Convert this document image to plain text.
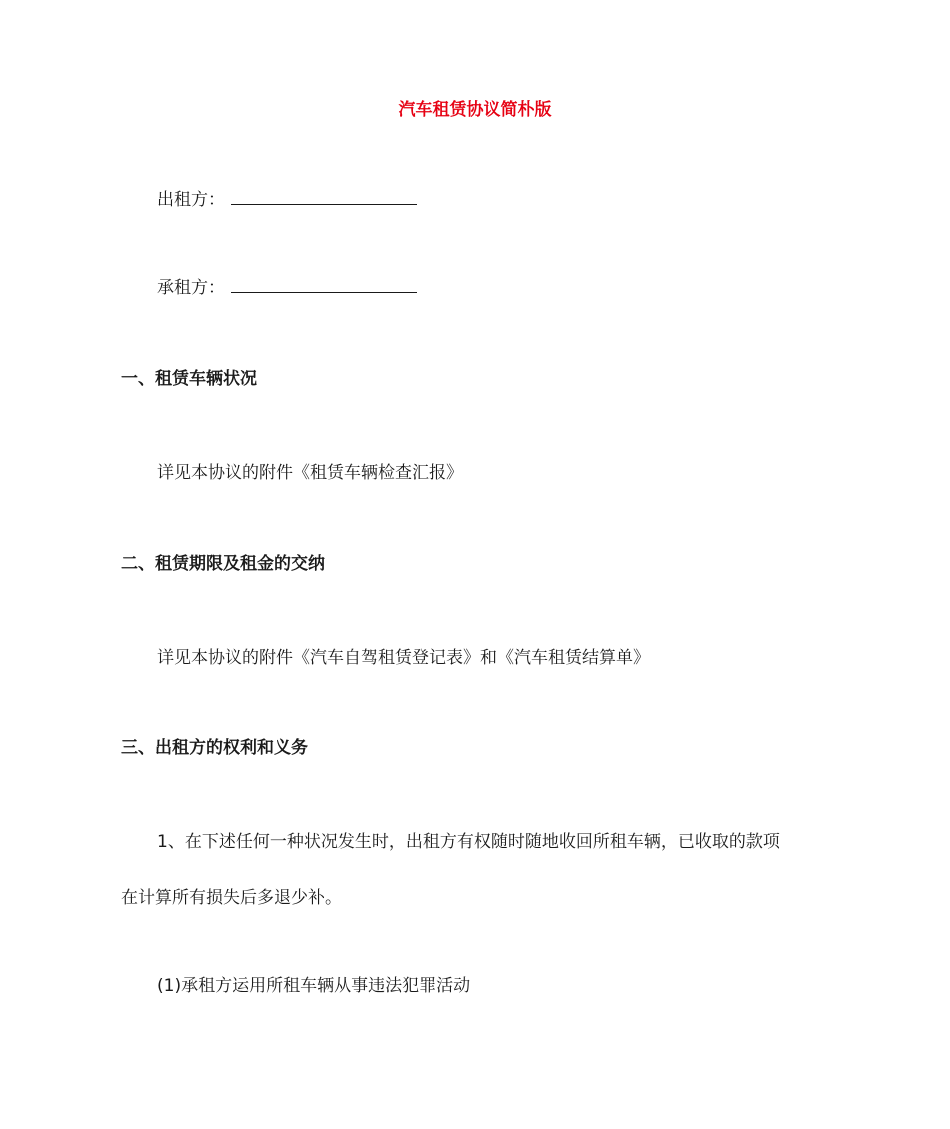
汽车租赁协议简朴版
出租方：
承租方：
一、租赁车辆状况
详见本协议的附件《租赁车辆检查汇报》
二、租赁期限及租金的交纳
详见本协议的附件《汽车自驾租赁登记表》和《汽车租赁结算单》
三、出租方的权利和义务
1、在下述任何一种状况发生时，出租方有权随时随地收回所租车辆，已收取的款项
在计算所有损失后多退少补。
(1)承租方运用所租车辆从事违法犯罪活动
